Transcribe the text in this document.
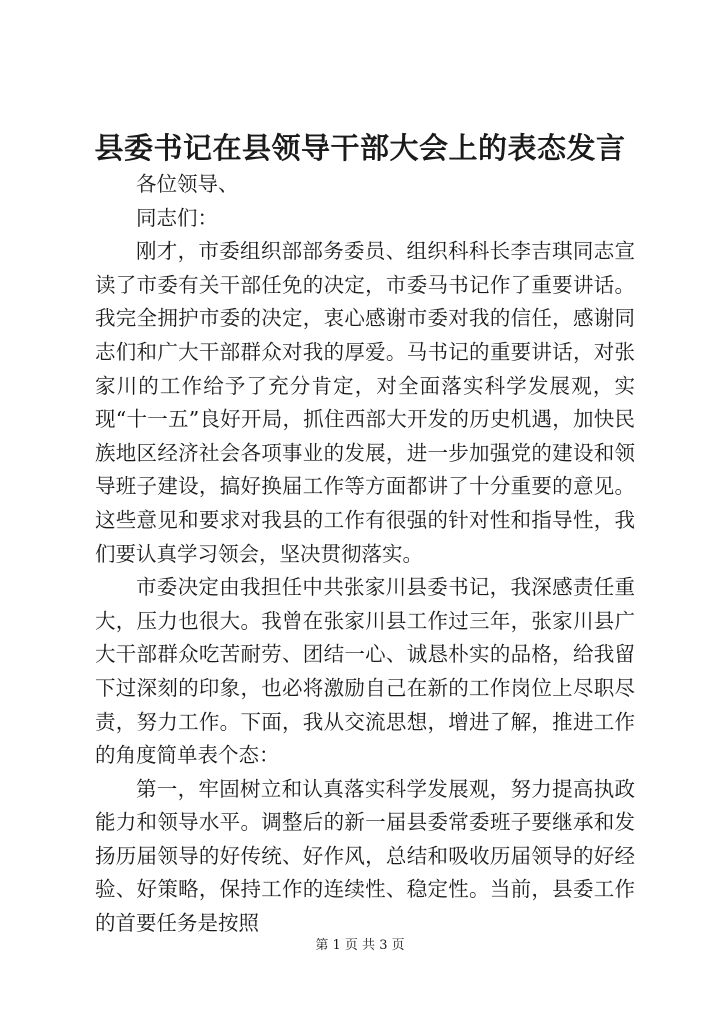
县委书记在县领导干部大会上的表态发言

各位领导、

同志们：

刚才，市委组织部部务委员、组织科科长李吉琪同志宣读了市委有关干部任免的决定，市委马书记作了重要讲话。我完全拥护市委的决定，衷心感谢市委对我的信任，感谢同志们和广大干部群众对我的厚爱。马书记的重要讲话，对张家川的工作给予了充分肯定，对全面落实科学发展观，实现“十一五”良好开局，抓住西部大开发的历史机遇，加快民族地区经济社会各项事业的发展，进一步加强党的建设和领导班子建设，搞好换届工作等方面都讲了十分重要的意见。这些意见和要求对我县的工作有很强的针对性和指导性，我们要认真学习领会，坚决贯彻落实。

市委决定由我担任中共张家川县委书记，我深感责任重大，压力也很大。我曾在张家川县工作过三年，张家川县广大干部群众吃苦耐劳、团结一心、诚恳朴实的品格，给我留下过深刻的印象，也必将激励自己在新的工作岗位上尽职尽责，努力工作。下面，我从交流思想，增进了解，推进工作的角度简单表个态：

第一，牢固树立和认真落实科学发展观，努力提高执政能力和领导水平。调整后的新一届县委常委班子要继承和发扬历届领导的好传统、好作风，总结和吸收历届领导的好经验、好策略，保持工作的连续性、稳定性。当前，县委工作的首要任务是按照

第 1 页 共 3 页
